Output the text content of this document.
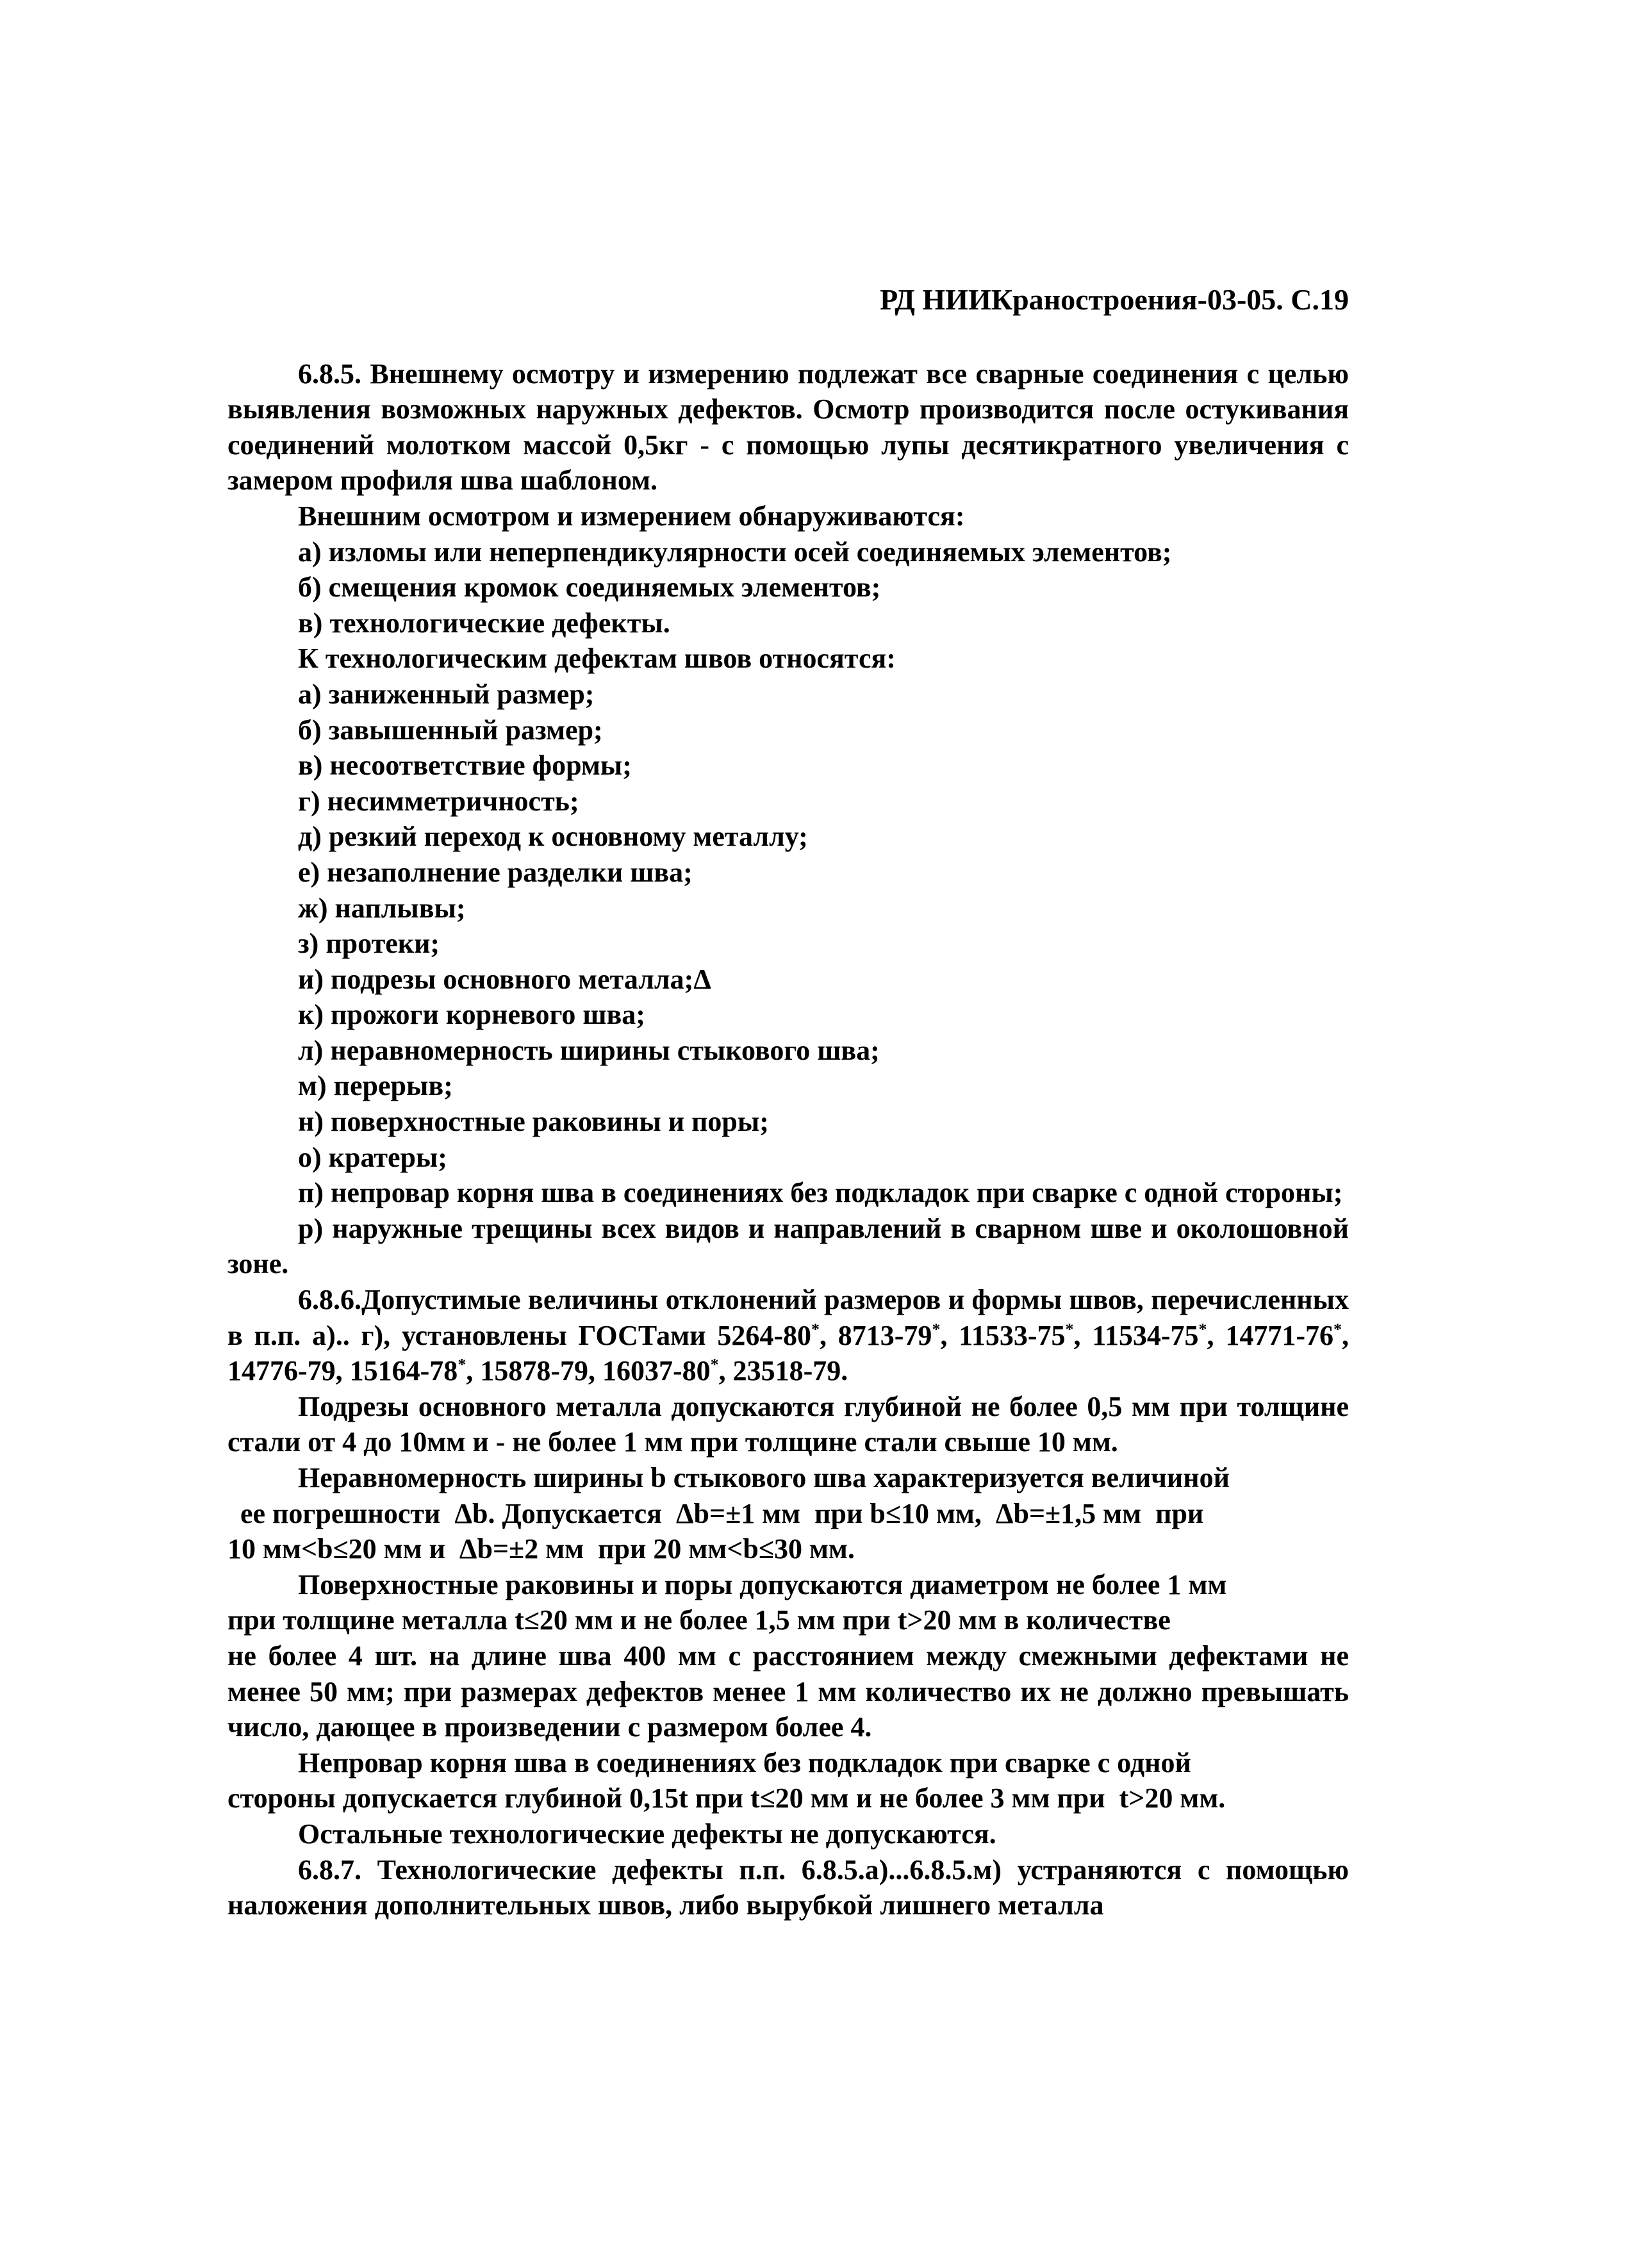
РД НИИКраностроения-03-05. С.19

6.8.5. Внешнему осмотру и измерению подлежат все сварные соединения с целью выявления возможных наружных дефектов. Осмотр производится после остукивания соединений молотком массой 0,5кг - с помощью лупы десятикратного увеличения с замером профиля шва шаблоном.

Внешним осмотром и измерением обнаруживаются:

а) изломы или неперпендикулярности осей соединяемых элементов;

б) смещения кромок соединяемых элементов;

в) технологические дефекты.

К технологическим дефектам швов относятся:

а) заниженный размер;

б) завышенный размер;

в) несоответствие формы;

г) несимметричность;

д) резкий переход к основному металлу;

е) незаполнение разделки шва;

ж) наплывы;

з) протеки;

и) подрезы основного металла;Δ

к) прожоги корневого шва;

л) неравномерность ширины стыкового шва;

м) перерыв;

н) поверхностные раковины и поры;

о) кратеры;

п) непровар корня шва в соединениях без подкладок при сварке с одной стороны;

р) наружные трещины всех видов и направлений в сварном шве и околошовной зоне.

6.8.6.Допустимые величины отклонений размеров и формы швов, перечисленных в п.п. а).. г), установлены ГОСТами 5264-80*, 8713-79*, 11533-75*, 11534-75*, 14771-76*, 14776-79, 15164-78*, 15878-79, 16037-80*, 23518-79.

Подрезы основного металла допускаются глубиной не более 0,5 мм при толщине стали от 4 до 10мм и - не более 1 мм при толщине стали свыше 10 мм.

Неравномерность ширины b стыкового шва характеризуется величиной

ее погрешности  Δb. Допускается  Δb=±1 мм  при b≤10 мм,  Δb=±1,5 мм  при

10 мм<b≤20 мм и  Δb=±2 мм  при 20 мм<b≤30 мм.

Поверхностные раковины и поры допускаются диаметром не более 1 мм

при толщине металла t≤20 мм и не более 1,5 мм при t>20 мм в количестве

не более 4 шт. на длине шва 400 мм с расстоянием между смежными дефектами не менее 50 мм; при размерах дефектов менее 1 мм количество их не должно превышать число, дающее в произведении с размером более 4.

Непровар корня шва в соединениях без подкладок при сварке с одной

стороны допускается глубиной 0,15t при t≤20 мм и не более 3 мм при  t>20 мм.

Остальные технологические дефекты не допускаются.

6.8.7. Технологические дефекты п.п. 6.8.5.а)...6.8.5.м) устраняются с помощью наложения дополнительных швов, либо вырубкой лишнего металла
